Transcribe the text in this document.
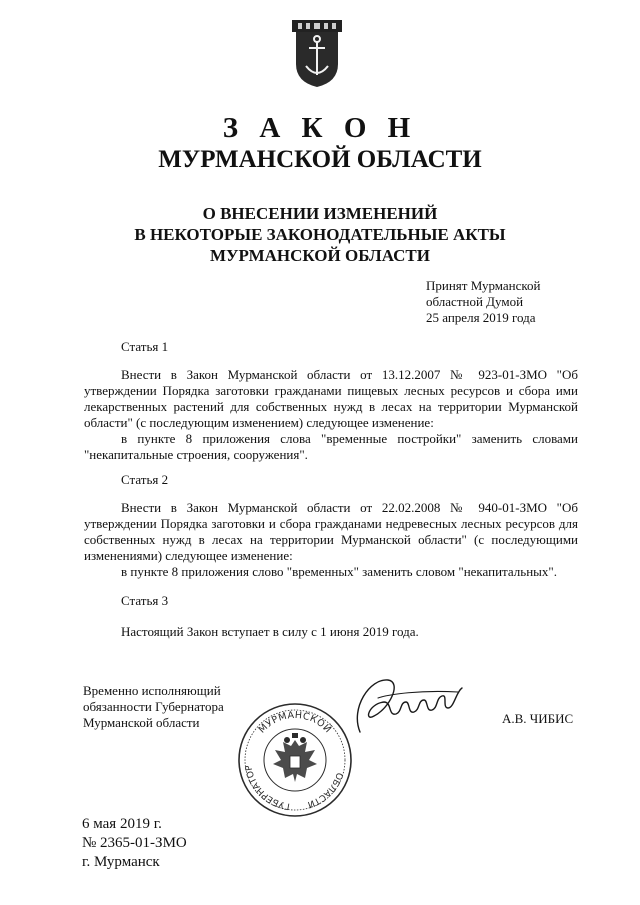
З А К О Н
МУРМАНСКОЙ ОБЛАСТИ
О ВНЕСЕНИИ ИЗМЕНЕНИЙ
В НЕКОТОРЫЕ ЗАКОНОДАТЕЛЬНЫЕ АКТЫ
МУРМАНСКОЙ ОБЛАСТИ
Принят Мурманской
областной Думой
25 апреля 2019 года
Статья 1
Внести в Закон Мурманской области от 13.12.2007 № 923-01-ЗМО "Об утверждении Порядка заготовки гражданами пищевых лесных ресурсов и сбора ими лекарственных растений для собственных нужд в лесах на территории Мурманской области" (с последующим изменением) следующее изменение:
в пункте 8 приложения слова "временные постройки" заменить словами "некапитальные строения, сооружения".
Статья 2
Внести в Закон Мурманской области от 22.02.2008 № 940-01-ЗМО "Об утверждении Порядка заготовки и сбора гражданами недревесных лесных ресурсов для собственных нужд в лесах на территории Мурманской области" (с последующими изменениями) следующее изменение:
в пункте 8 приложения слово "временных" заменить словом "некапитальных".
Статья 3
Настоящий Закон вступает в силу с 1 июня 2019 года.
Временно исполняющий
обязанности Губернатора
Мурманской области	А.В. ЧИБИС
МУРМАНСКОЙ
ГУБЕРНАТОР
ОБЛАСТИ
6 мая 2019 г.
№ 2365-01-ЗМО
г. Мурманск
